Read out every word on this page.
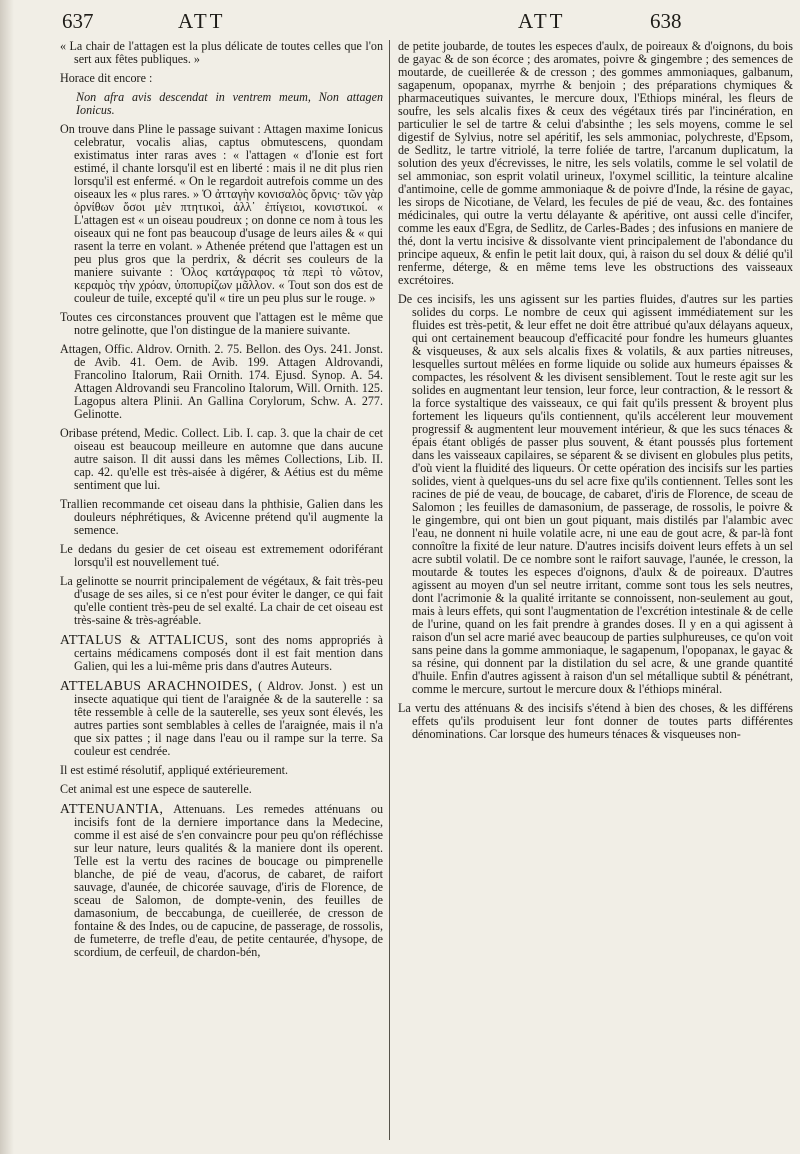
637	ATT	ATT	638

« La chair de l'attagen est la plus délicate de toutes celles que l'on sert aux fêtes publiques. »

Horace dit encore :

Non afra avis descendat in ventrem meum, Non attagen Ionicus.

On trouve dans Pline le passage suivant : Attagen maxime Ionicus celebratur, vocalis alias, captus obmutescens, quondam existimatus inter raras aves : « l'attagen « d'Ionie est fort estimé, il chante lorsqu'il est en liberté : mais il ne dit plus rien lorsqu'il est enfermé. « On le regardoit autrefois comme un des oiseaux les « plus rares. » Ὁ ἀτταγὴν κονισαλὸς ὄρνις· τῶν γὰρ ὀρνίθων ὅσοι μὲν πτητικοὶ, ἀλλ᾽ ἐπίγειοι, κονιστικοί. « L'attagen est « un oiseau poudreux ; on donne ce nom à tous les oiseaux qui ne font pas beaucoup d'usage de leurs ailes & « qui rasent la terre en volant. » Athenée prétend que l'attagen est un peu plus gros que la perdrix, & décrit ses couleurs de la maniere suivante : Ὁλος κατάγραφος τὰ περὶ τὸ νῶτον, κεραμὸς τὴν χρόαν, ὑποπυρίζων μᾶλλον. « Tout son dos est de couleur de tuile, excepté qu'il « tire un peu plus sur le rouge. »

Toutes ces circonstances prouvent que l'attagen est le même que notre gelinotte, que l'on distingue de la maniere suivante.

Attagen, Offic. Aldrov. Ornith. 2. 75. Bellon. des Oys. 241. Jonst. de Avib. 41. Oem. de Avib. 199. Attagen Aldrovandi, Francolino Italorum, Raii Ornith. 174. Ejusd. Synop. A. 54. Attagen Aldrovandi seu Francolino Italorum, Will. Ornith. 125. Lagopus altera Plinii. An Gallina Corylorum, Schw. A. 277. Gelinotte.

Oribase prétend, Medic. Collect. Lib. I. cap. 3. que la chair de cet oiseau est beaucoup meilleure en automne que dans aucune autre saison. Il dit aussi dans les mêmes Collections, Lib. II. cap. 42. qu'elle est très-aisée à digérer, & Aétius est du même sentiment que lui.

Trallien recommande cet oiseau dans la phthisie, Galien dans les douleurs néphrétiques, & Avicenne prétend qu'il augmente la semence.

Le dedans du gesier de cet oiseau est extremement odoriférant lorsqu'il est nouvellement tué.

La gelinotte se nourrit principalement de végétaux, & fait très-peu d'usage de ses ailes, si ce n'est pour éviter le danger, ce qui fait qu'elle contient très-peu de sel exalté. La chair de cet oiseau est très-saine & très-agréable.

ATTALUS & ATTALICUS, sont des noms appropriés à certains médicamens composés dont il est fait mention dans Galien, qui les a lui-même pris dans d'autres Auteurs.

ATTELABUS ARACHNOIDES, ( Aldrov. Jonst. ) est un insecte aquatique qui tient de l'araignée & de la sauterelle : sa tête ressemble à celle de la sauterelle, ses yeux sont élevés, les autres parties sont semblables à celles de l'araignée, mais il n'a que six pattes ; il nage dans l'eau ou il rampe sur la terre. Sa couleur est cendrée.

Il est estimé résolutif, appliqué extérieurement.

Cet animal est une espece de sauterelle.

ATTENUANTIA, Attenuans. Les remedes atténuans ou incisifs font de la derniere importance dans la Medecine, comme il est aisé de s'en convaincre pour peu qu'on réfléchisse sur leur nature, leurs qualités & la maniere dont ils operent. Telle est la vertu des racines de boucage ou pimprenelle blanche, de pié de veau, d'acorus, de cabaret, de raifort sauvage, d'aunée, de chicorée sauvage, d'iris de Florence, de sceau de Salomon, de dompte-venin, des feuilles de damasonium, de beccabunga, de cueillerée, de cresson de fontaine & des Indes, ou de capucine, de passerage, de rossolis, de fumeterre, de trefle d'eau, de petite centaurée, d'hysope, de scordium, de cerfeuil, de chardon-bén,

de petite joubarde, de toutes les especes d'aulx, de poireaux & d'oignons, du bois de gayac & de son écorce ; des aromates, poivre & gingembre ; des semences de moutarde, de cueillerée & de cresson ; des gommes ammoniaques, galbanum, sagapenum, opopanax, myrrhe & benjoin ; des préparations chymiques & pharmaceutiques suivantes, le mercure doux, l'Ethiops minéral, les fleurs de soufre, les sels alcalis fixes & ceux des végétaux tirés par l'incinération, en particulier le sel de tartre & celui d'absinthe ; les sels moyens, comme le sel digestif de Sylvius, notre sel apéritif, les sels ammoniac, polychreste, d'Epsom, de Sedlitz, le tartre vitriolé, la terre foliée de tartre, l'arcanum duplicatum, la solution des yeux d'écrevisses, le nitre, les sels volatils, comme le sel volatil de sel ammoniac, son esprit volatil urineux, l'oxymel scillitic, la teinture alcaline d'antimoine, celle de gomme ammoniaque & de poivre d'Inde, la résine de gayac, les sirops de Nicotiane, de Velard, les fecules de pié de veau, &c. des fontaines médicinales, qui outre la vertu délayante & apéritive, ont aussi celle d'incifer, comme les eaux d'Egra, de Sedlitz, de Carles-Bades ; des infusions en maniere de thé, dont la vertu incisive & dissolvante vient principalement de l'abondance du principe aqueux, & enfin le petit lait doux, qui, à raison du sel doux & délié qu'il renferme, déterge, & en même tems leve les obstructions des vaisseaux excrétoires.

De ces incisifs, les uns agissent sur les parties fluides, d'autres sur les parties solides du corps. Le nombre de ceux qui agissent immédiatement sur les fluides est très-petit, & leur effet ne doit être attribué qu'aux délayans aqueux, qui ont certainement beaucoup d'efficacité pour fondre les humeurs gluantes & visqueuses, & aux sels alcalis fixes & volatils, & aux parties nitreuses, lesquelles surtout mêlées en forme liquide ou solide aux humeurs épaisses & compactes, les résolvent & les divisent sensiblement. Tout le reste agit sur les solides en augmentant leur tension, leur force, leur contraction, & le ressort & la force systaltique des vaisseaux, ce qui fait qu'ils pressent & broyent plus fortement les liqueurs qu'ils contiennent, qu'ils accélerent leur mouvement progressif & augmentent leur mouvement intérieur, & que les sucs ténaces & épais étant obligés de passer plus souvent, & étant poussés plus fortement dans les vaisseaux capilaires, se séparent & se divisent en globules plus petits, d'où vient la fluidité des liqueurs. Or cette opération des incisifs sur les parties solides, vient à quelques-uns du sel acre fixe qu'ils contiennent. Telles sont les racines de pié de veau, de boucage, de cabaret, d'iris de Florence, de sceau de Salomon ; les feuilles de damasonium, de passerage, de rossolis, le poivre & le gingembre, qui ont bien un gout piquant, mais distilés par l'alambic avec l'eau, ne donnent ni huile volatile acre, ni une eau de gout acre, & par-là font connoître la fixité de leur nature. D'autres incisifs doivent leurs effets à un sel acre subtil volatil. De ce nombre sont le raifort sauvage, l'aunée, le cresson, la moutarde & toutes les especes d'oignons, d'aulx & de poireaux. D'autres agissent au moyen d'un sel neutre irritant, comme sont tous les sels neutres, dont l'acrimonie & la qualité irritante se connoissent, non-seulement au gout, mais à leurs effets, qui sont l'augmentation de l'excrétion intestinale & de celle de l'urine, quand on les fait prendre à grandes doses. Il y en a qui agissent à raison d'un sel acre marié avec beaucoup de parties sulphureuses, ce qu'on voit sans peine dans la gomme ammoniaque, le sagapenum, l'opopanax, le gayac & sa résine, qui donnent par la distilation du sel acre, & une grande quantité d'huile. Enfin d'autres agissent à raison d'un sel métallique subtil & pénétrant, comme le mercure, surtout le mercure doux & l'éthiops minéral.

La vertu des atténuans & des incisifs s'étend à bien des choses, & les différens effets qu'ils produisent leur font donner de toutes parts différentes dénominations. Car lorsque des humeurs ténaces & visqueuses non-
